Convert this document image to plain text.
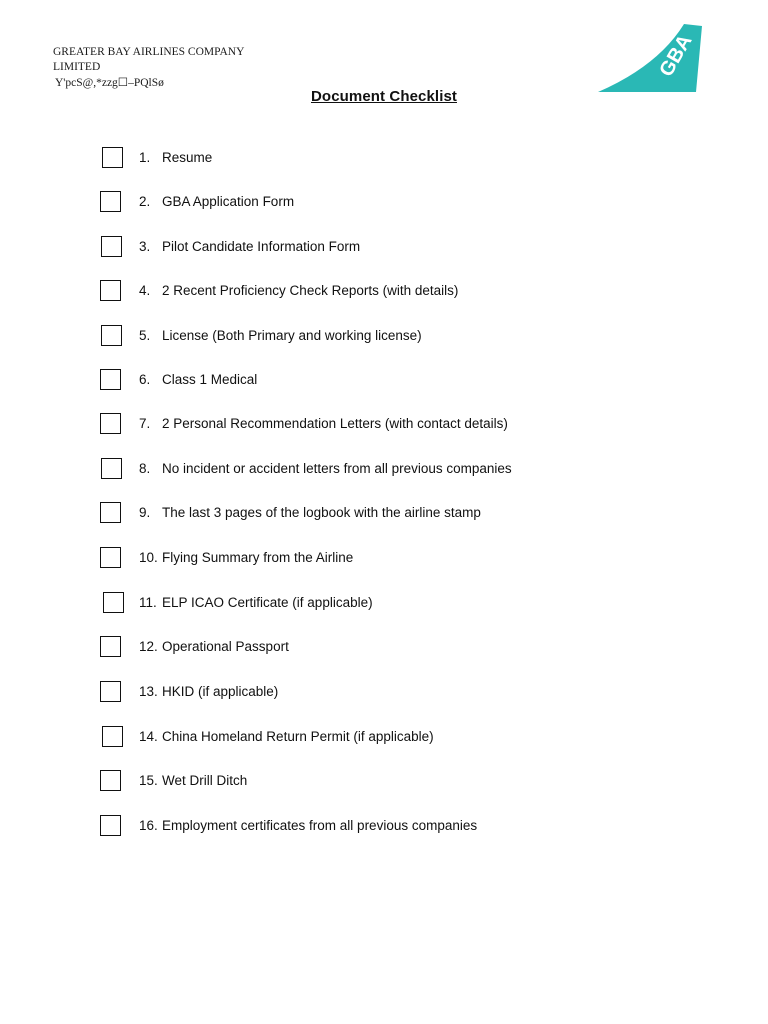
GREATER BAY AIRLINES COMPANY LIMITED
Y'pcS@,*zzg☐–PQlSø
GBA
Document Checklist
1. Resume
2. GBA Application Form
3. Pilot Candidate Information Form
4. 2 Recent Proficiency Check Reports (with details)
5. License (Both Primary and working license)
6. Class 1 Medical
7. 2 Personal Recommendation Letters (with contact details)
8. No incident or accident letters from all previous companies
9. The last 3 pages of the logbook with the airline stamp
10. Flying Summary from the Airline
11. ELP ICAO Certificate (if applicable)
12. Operational Passport
13. HKID (if applicable)
14. China Homeland Return Permit (if applicable)
15. Wet Drill Ditch
16. Employment certificates from all previous companies
